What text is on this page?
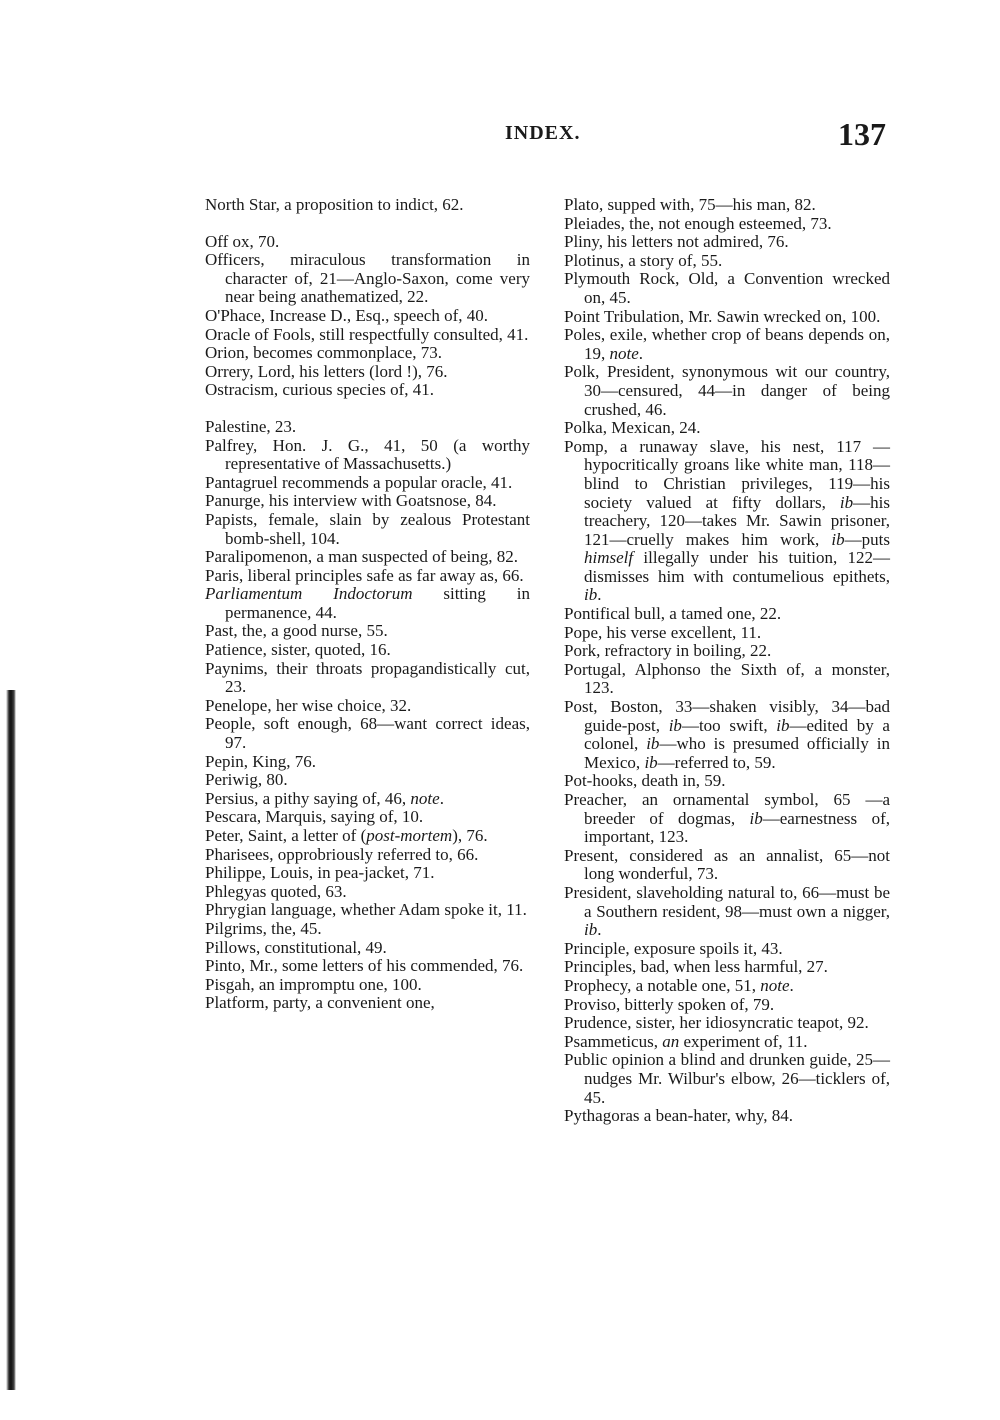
INDEX.	137
North Star, a proposition to indict, 62.
Off ox, 70.
Officers, miraculous transformation in character of, 21—Anglo-Saxon, come very near being anathematized, 22.
O'Phace, Increase D., Esq., speech of, 40.
Oracle of Fools, still respectfully consulted, 41.
Orion, becomes commonplace, 73.
Orrery, Lord, his letters (lord !), 76.
Ostracism, curious species of, 41.
Palestine, 23.
Palfrey, Hon. J. G., 41, 50 (a worthy representative of Massachusetts.)
Pantagruel recommends a popular oracle, 41.
Panurge, his interview with Goatsnose, 84.
Papists, female, slain by zealous Protestant bomb-shell, 104.
Paralipomenon, a man suspected of being, 82.
Paris, liberal principles safe as far away as, 66.
Parliamentum Indoctorum sitting in permanence, 44.
Past, the, a good nurse, 55.
Patience, sister, quoted, 16.
Paynims, their throats propagandistically cut, 23.
Penelope, her wise choice, 32.
People, soft enough, 68—want correct ideas, 97.
Pepin, King, 76.
Periwig, 80.
Persius, a pithy saying of, 46, note.
Pescara, Marquis, saying of, 10.
Peter, Saint, a letter of (post-mortem), 76.
Pharisees, opprobriously referred to, 66.
Philippe, Louis, in pea-jacket, 71.
Phlegyas quoted, 63.
Phrygian language, whether Adam spoke it, 11.
Pilgrims, the, 45.
Pillows, constitutional, 49.
Pinto, Mr., some letters of his commended, 76.
Pisgah, an impromptu one, 100.
Platform, party, a convenient one,
Plato, supped with, 75—his man, 82.
Pleiades, the, not enough esteemed, 73.
Pliny, his letters not admired, 76.
Plotinus, a story of, 55.
Plymouth Rock, Old, a Convention wrecked on, 45.
Point Tribulation, Mr. Sawin wrecked on, 100.
Poles, exile, whether crop of beans depends on, 19, note.
Polk, President, synonymous wit our country, 30—censured, 44—in danger of being crushed, 46.
Polka, Mexican, 24.
Pomp, a runaway slave, his nest, 117 — hypocritically groans like white man, 118—blind to Christian privileges, 119—his society valued at fifty dollars, ib—his treachery, 120—takes Mr. Sawin prisoner, 121—cruelly makes him work, ib—puts himself illegally under his tuition, 122—dismisses him with contumelious epithets, ib.
Pontifical bull, a tamed one, 22.
Pope, his verse excellent, 11.
Pork, refractory in boiling, 22.
Portugal, Alphonso the Sixth of, a monster, 123.
Post, Boston, 33—shaken visibly, 34—bad guide-post, ib—too swift, ib—edited by a colonel, ib—who is presumed officially in Mexico, ib—referred to, 59.
Pot-hooks, death in, 59.
Preacher, an ornamental symbol, 65 —a breeder of dogmas, ib—earnestness of, important, 123.
Present, considered as an annalist, 65—not long wonderful, 73.
President, slaveholding natural to, 66—must be a Southern resident, 98—must own a nigger, ib.
Principle, exposure spoils it, 43.
Principles, bad, when less harmful, 27.
Prophecy, a notable one, 51, note.
Proviso, bitterly spoken of, 79.
Prudence, sister, her idiosyncratic teapot, 92.
Psammeticus, an experiment of, 11.
Public opinion a blind and drunken guide, 25—nudges Mr. Wilbur's elbow, 26—ticklers of, 45.
Pythagoras a bean-hater, why, 84.
